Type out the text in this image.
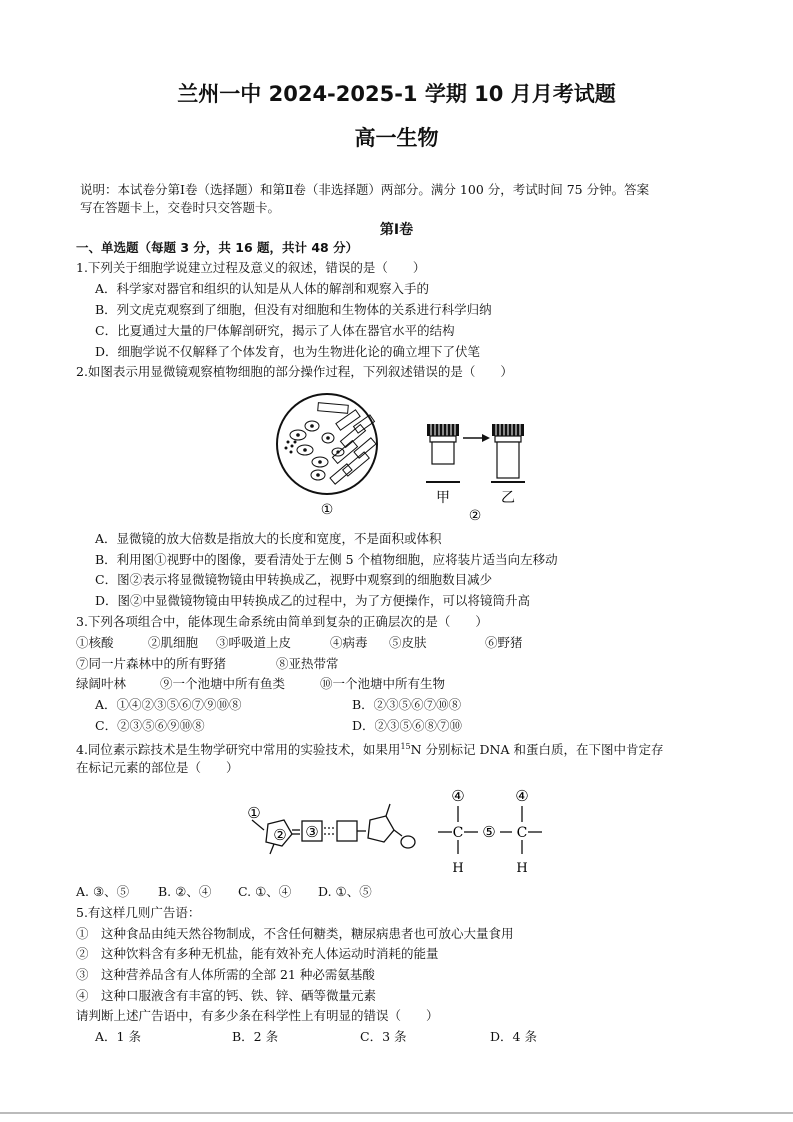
兰州一中 2024-2025-1 学期 10 月月考试题
高一生物
说明：本试卷分第Ⅰ卷（选择题）和第Ⅱ卷（非选择题）两部分。满分 100 分，考试时间 75 分钟。答案
写在答题卡上，交卷时只交答题卡。
第Ⅰ卷
一、单选题（每题 3 分，共 16 题，共计 48 分）
1.下列关于细胞学说建立过程及意义的叙述，错误的是（　　）
A．科学家对器官和组织的认知是从人体的解剖和观察入手的
B．列文虎克观察到了细胞，但没有对细胞和生物体的关系进行科学归纳
C．比夏通过大量的尸体解剖研究，揭示了人体在器官水平的结构
D．细胞学说不仅解释了个体发育，也为生物进化论的确立埋下了伏笔
2.如图表示用显微镜观察植物细胞的部分操作过程，下列叙述错误的是（　　）
①
甲	乙
②
A．显微镜的放大倍数是指放大的长度和宽度，不是面积或体积
B．利用图①视野中的图像，要看清处于左侧 5 个植物细胞，应将装片适当向左移动
C．图②表示将显微镜物镜由甲转换成乙，视野中观察到的细胞数目减少
D．图②中显微镜物镜由甲转换成乙的过程中，为了方便操作，可以将镜筒升高
3.下列各项组合中，能体现生命系统由简单到复杂的正确层次的是（　　）
①核酸	②肌细胞 ③呼吸道上皮	④病毒 ⑤皮肤	⑥野猪
⑦同一片森林中的所有野猪	⑧亚热带常
绿阔叶林	⑨一个池塘中所有鱼类	⑩一个池塘中所有生物
A．①④②③⑤⑥⑦⑨⑩⑧	B．②③⑤⑥⑦⑩⑧
C．②③⑤⑥⑨⑩⑧	D．②③⑤⑥⑧⑦⑩
4.同位素示踪技术是生物学研究中常用的实验技术，如果用$^{15}$N 分别标记 DNA 和蛋白质，在下图中肯定存
在标记元素的部位是（　　）
①
② ③
④	④
C ⑤ C
H	H
A. ③、⑤ B. ②、④ C. ①、④ D. ①、⑤
5.有这样几则广告语：
①　这种食品由纯天然谷物制成，不含任何糖类，糖尿病患者也可放心大量食用
②　这种饮料含有多种无机盐，能有效补充人体运动时消耗的能量
③　这种营养品含有人体所需的全部 21 种必需氨基酸
④　这种口服液含有丰富的钙、铁、锌、硒等微量元素
请判断上述广告语中，有多少条在科学性上有明显的错误（　　）
A．1 条	B．2 条	C．3 条	D．4 条
